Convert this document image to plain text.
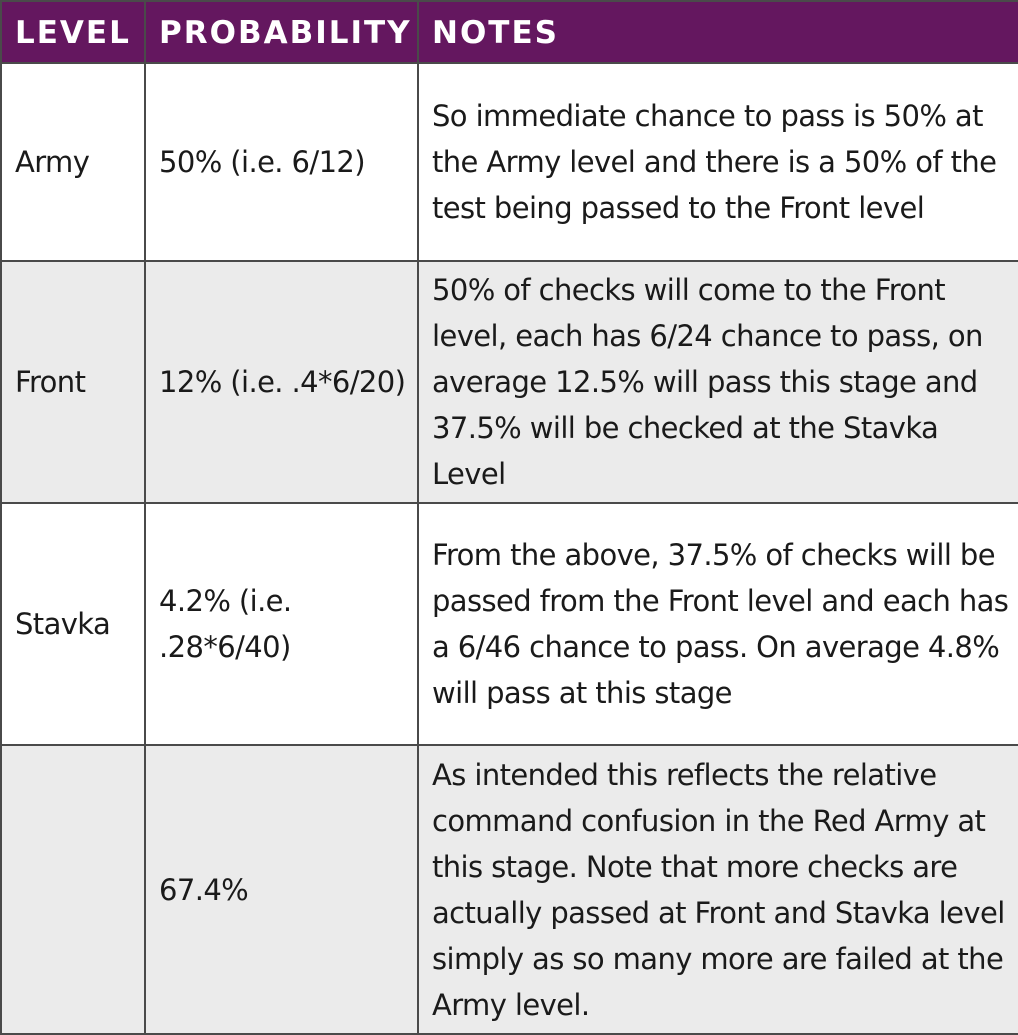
LEVEL	PROBABILITY	NOTES
Army	50% (i.e. 6/12)	So immediate chance to pass is 50% at the Army level and there is a 50% of the test being passed to the Front level
Front	12% (i.e. .4*6/20)	50% of checks will come to the Front level, each has 6/24 chance to pass, on average 12.5% will pass this stage and 37.5% will be checked at the Stavka Level
Stavka	4.2% (i.e. .28*6/40)	From the above, 37.5% of checks will be passed from the Front level and each has a 6/46 chance to pass. On average 4.8% will pass at this stage
	67.4%	As intended this reflects the relative command confusion in the Red Army at this stage. Note that more checks are actually passed at Front and Stavka level simply as so many more are failed at the Army level.
